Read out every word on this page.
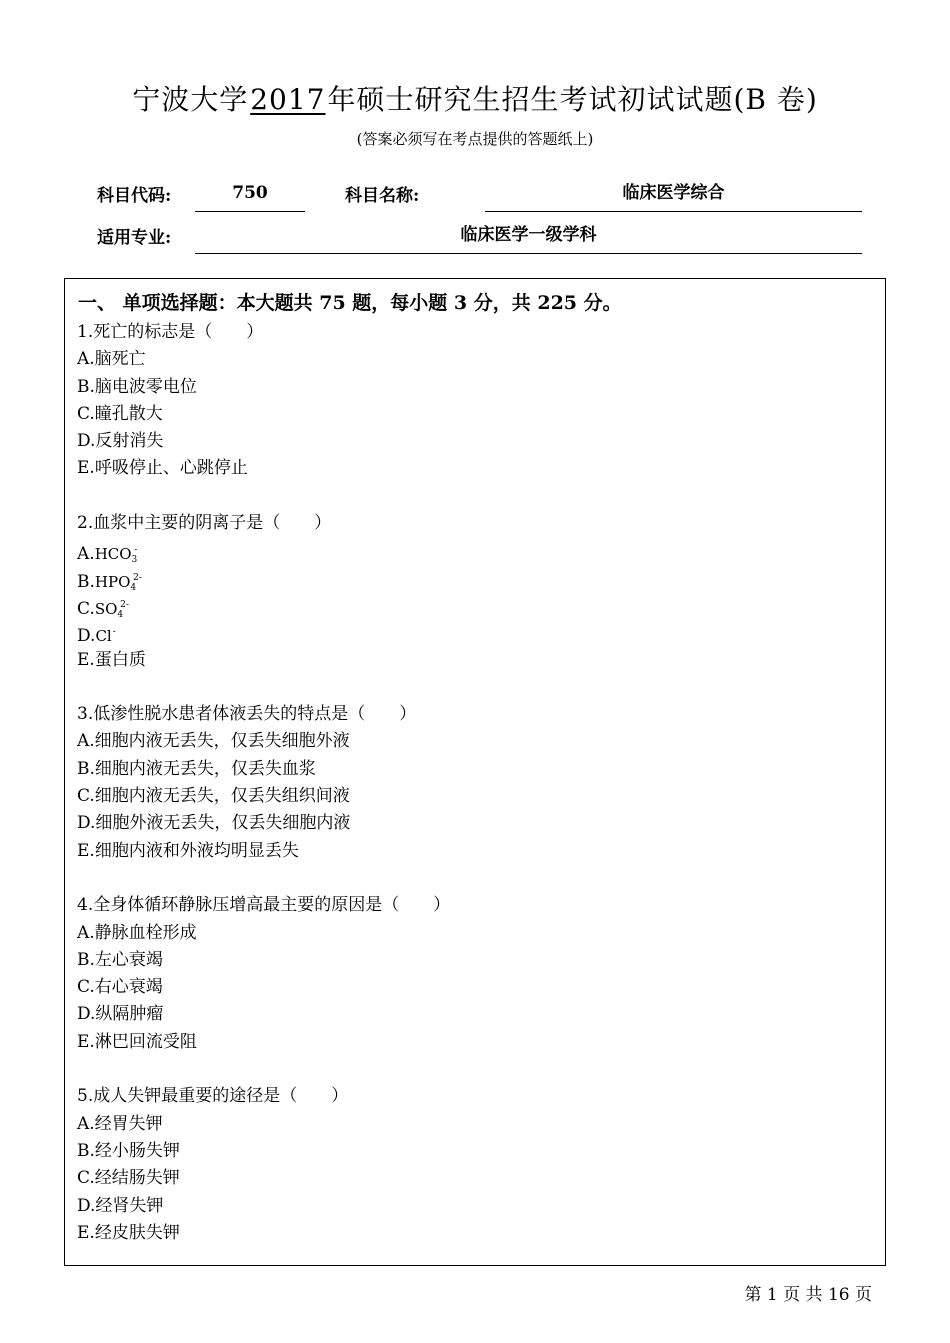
宁波大学2017年硕士研究生招生考试初试试题(B 卷)
(答案必须写在考点提供的答题纸上)
科目代码:	750	科目名称:	临床医学综合
适用专业:	临床医学一级学科
一、 单项选择题：本大题共 75 题，每小题 3 分，共 225 分。
1.死亡的标志是（　　）
A.脑死亡
B.脑电波零电位
C.瞳孔散大
D.反射消失
E.呼吸停止、心跳停止
2.血浆中主要的阴离子是（　　）
$A.HCO_3^-$
$B.HPO_4^{2-}$
$C.SO_4^{2-}$
D.Cl-
E.蛋白质
3.低渗性脱水患者体液丢失的特点是（　　）
A.细胞内液无丢失，仅丢失细胞外液
B.细胞内液无丢失，仅丢失血浆
C.细胞内液无丢失，仅丢失组织间液
D.细胞外液无丢失，仅丢失细胞内液
E.细胞内液和外液均明显丢失
4.全身体循环静脉压增高最主要的原因是（　　）
A.静脉血栓形成
B.左心衰竭
C.右心衰竭
D.纵隔肿瘤
E.淋巴回流受阻
5.成人失钾最重要的途径是（　　）
A.经胃失钾
B.经小肠失钾
C.经结肠失钾
D.经肾失钾
E.经皮肤失钾
第 1 页 共 16 页
